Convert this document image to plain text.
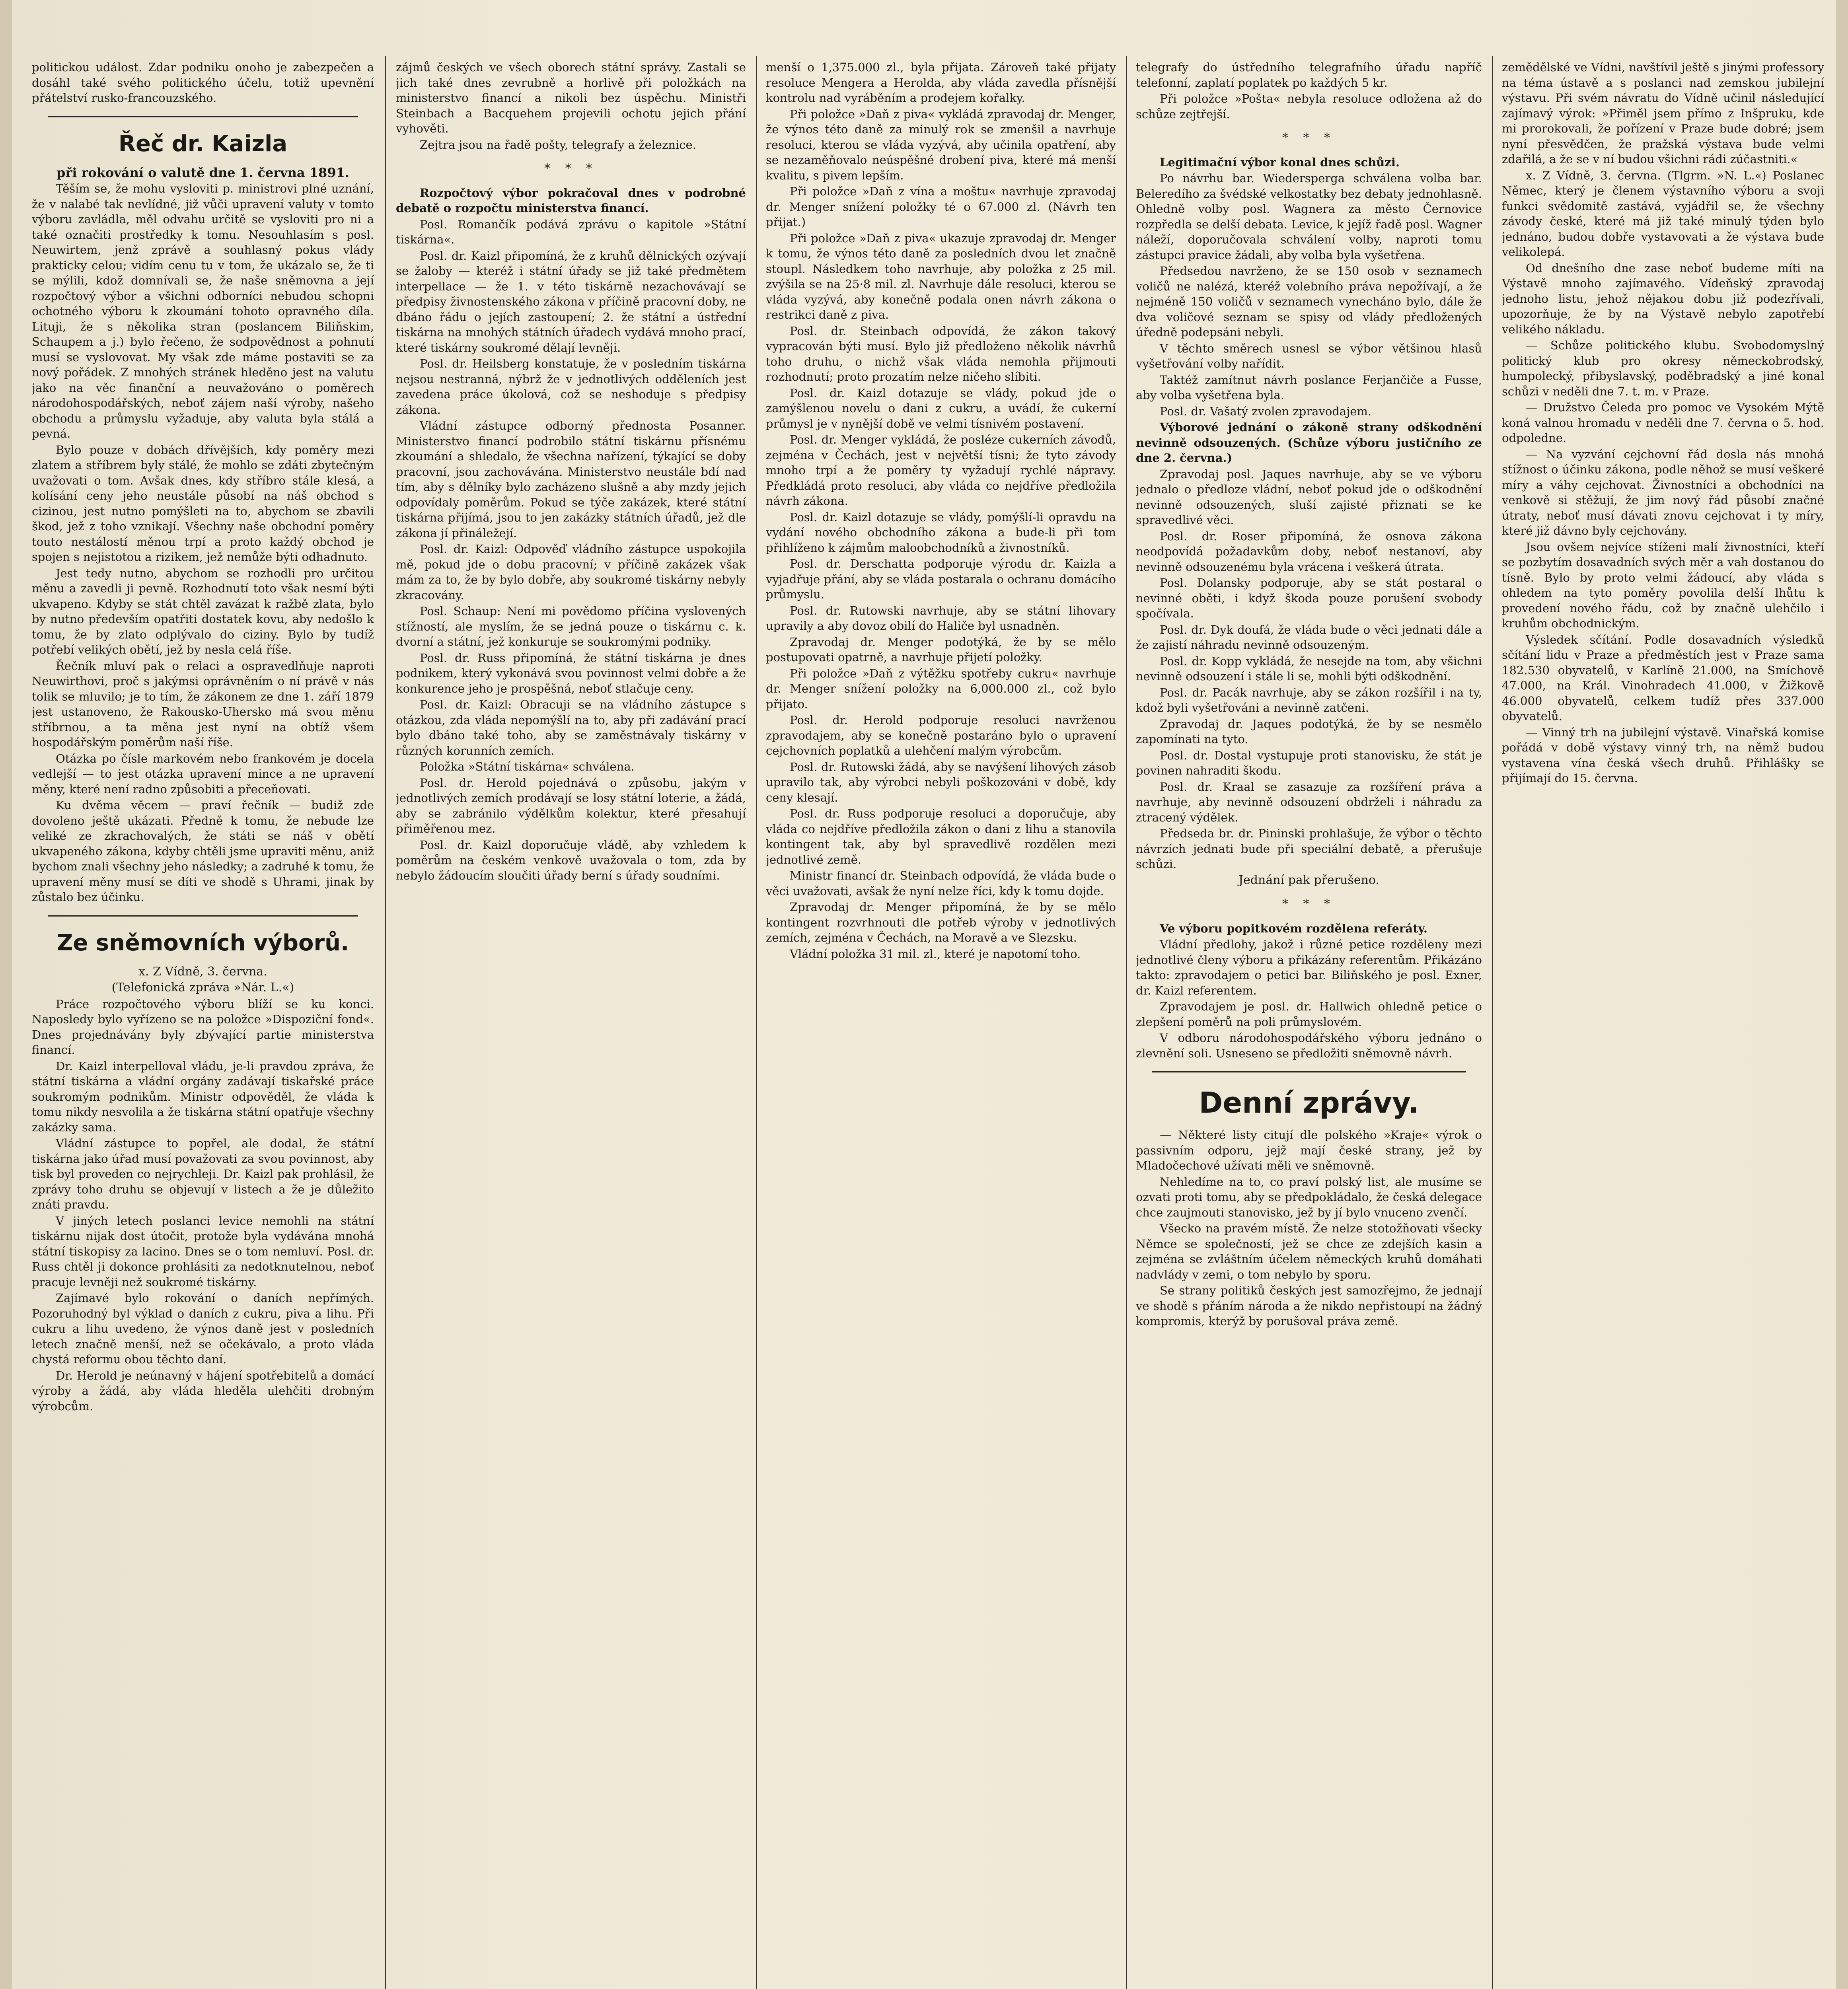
politickou událost. Zdar podniku onoho je zabezpečen a dosáhl také svého politického účelu, totiž upevnění přátelství rusko-francouzského.

Řeč dr. Kaizla

při rokování o valutě dne 1. června 1891.

Těším se, že mohu vysloviti p. ministrovi plné uznání, že v nalabé tak nevlídné, již vůči upravení valuty v tomto výboru zavládla, měl odvahu určitě se vysloviti pro ni a také označiti prostředky k tomu. Nesouhlasím s posl. Neuwirtem, jenž zprávě a souhlasný pokus vlády prakticky celou; vidím cenu tu v tom, že ukázalo se, že ti se mýlili, kdož domnívali se, že naše sněmovna a její rozpočtový výbor a všichni odborníci nebudou schopni ochotného výboru k zkoumání tohoto opravného díla. Lituji, že s několika stran (poslancem Biliňskim, Schaupem a j.) bylo řečeno, že sodpovědnost a pohnutí musí se vyslovovat. My však zde máme postaviti se za nový pořádek. Z mnohých stránek hleděno jest na valutu jako na věc finanční a neuvažováno o poměrech národohospodářských, neboť zájem naší výroby, našeho obchodu a průmyslu vyžaduje, aby valuta byla stálá a pevná.

Bylo pouze v dobách dřívějších, kdy poměry mezi zlatem a stříbrem byly stálé, že mohlo se zdáti zbytečným uvažovati o tom. Avšak dnes, kdy stříbro stále klesá, a kolísání ceny jeho neustále působí na náš obchod s cizinou, jest nutno pomýšleti na to, abychom se zbavili škod, jež z toho vznikají. Všechny naše obchodní poměry touto nestálostí měnou trpí a proto každý obchod je spojen s nejistotou a rizikem, jež nemůže býti odhadnuto.

Jest tedy nutno, abychom se rozhodli pro určitou měnu a zavedli ji pevně. Rozhodnutí toto však nesmí býti ukvapeno. Kdyby se stát chtěl zavázat k ražbě zlata, bylo by nutno především opatřiti dostatek kovu, aby nedošlo k tomu, že by zlato odplývalo do ciziny. Bylo by tudíž potřebí velikých obětí, jež by nesla celá říše.

Řečník mluví pak o relaci a ospravedlňuje naproti Neuwirthovi, proč s jakýmsi oprávněním o ní právě v nás tolik se mluvilo; je to tím, že zákonem ze dne 1. září 1879 jest ustanoveno, že Rakousko-Uhersko má svou měnu stříbrnou, a ta měna jest nyní na obtíž všem hospodářským poměrům naší říše.

Otázka po čísle markovém nebo frankovém je docela vedlejší — to jest otázka upravení mince a ne upravení měny, které není radno způsobiti a přeceňovati.

Ku dvěma věcem — praví řečník — budiž zde dovoleno ještě ukázati. Předně k tomu, že nebude lze veliké ze zkrachovalých, že státi se náš v obětí ukvapeného zákona, kdyby chtěli jsme upraviti měnu, aniž bychom znali všechny jeho následky; a zadruhé k tomu, že upravení měny musí se díti ve shodě s Uhrami, jinak by zůstalo bez účinku.

Ze sněmovních výborů.

x. Z Vídně, 3. června.

(Telefonická zpráva »Nár. L.«)

Práce rozpočtového výboru blíží se ku konci. Naposledy bylo vyřízeno se na položce »Dispoziční fond«. Dnes projednávány byly zbývající partie ministerstva financí.

Dr. Kaizl interpelloval vládu, je-li pravdou zpráva, že státní tiskárna a vládní orgány zadávají tiskařské práce soukromým podnikům. Ministr odpověděl, že vláda k tomu nikdy nesvolila a že tiskárna státní opatřuje všechny zakázky sama.

Vládní zástupce to popřel, ale dodal, že státní tiskárna jako úřad musí považovati za svou povinnost, aby tisk byl proveden co nejrychleji. Dr. Kaizl pak prohlásil, že zprávy toho druhu se objevují v listech a že je důležito znáti pravdu.

V jiných letech poslanci levice nemohli na státní tiskárnu nijak dost útočit, protože byla vydávána mnohá státní tiskopisy za lacino. Dnes se o tom nemluví. Posl. dr. Russ chtěl ji dokonce prohlásiti za nedotknutelnou, neboť pracuje levněji než soukromé tiskárny.

Zajímavé bylo rokování o daních nepřímých. Pozoruhodný byl výklad o daních z cukru, piva a lihu. Při cukru a lihu uvedeno, že výnos daně jest v posledních letech značně menší, než se očekávalo, a proto vláda chystá reformu obou těchto daní.

Dr. Herold je neúnavný v hájení spotřebitelů a domácí výroby a žádá, aby vláda hleděla ulehčiti drobným výrobcům.

zájmů českých ve všech oborech státní správy. Zastali se jich také dnes zevrubně a horlivě při položkách na ministerstvo financí a nikoli bez úspěchu. Ministři Steinbach a Bacquehem projevili ochotu jejich přání vyhověti.

Zejtra jsou na řadě pošty, telegrafy a železnice.

* * *

Rozpočtový výbor pokračoval dnes v podrobné debatě o rozpočtu ministerstva financí.

Posl. Romančík podává zprávu o kapitole »Státní tiskárna«.

Posl. dr. Kaizl připomíná, že z kruhů dělnických ozývají se žaloby — kteréž i státní úřady se již také předmětem interpellace — že 1. v této tiskárně nezachovávají se předpisy živnostenského zákona v příčině pracovní doby, ne dbáno řádu o jejích zastoupení; 2. že státní a ústřední tiskárna na mnohých státních úřadech vydává mnoho prací, které tiskárny soukromé dělají levněji.

Posl. dr. Heilsberg konstatuje, že v posledním tiskárna nejsou nestranná, nýbrž že v jednotlivých odděleních jest zavedena práce úkolová, což se neshoduje s předpisy zákona.

Vládní zástupce odborný přednosta Posanner. Ministerstvo financí podrobilo státní tiskárnu přísnému zkoumání a shledalo, že všechna nařízení, týkající se doby pracovní, jsou zachovávána. Ministerstvo neustále bdí nad tím, aby s dělníky bylo zacházeno slušně a aby mzdy jejich odpovídaly poměrům. Pokud se týče zakázek, které státní tiskárna přijímá, jsou to jen zakázky státních úřadů, jež dle zákona jí přináležejí.

Posl. dr. Kaizl: Odpověď vládního zástupce uspokojila mě, pokud jde o dobu pracovní; v příčině zakázek však mám za to, že by bylo dobře, aby soukromé tiskárny nebyly zkracovány.

Posl. Schaup: Není mi povědomo příčina vyslovených stížností, ale myslím, že se jedná pouze o tiskárnu c. k. dvorní a státní, jež konkuruje se soukromými podniky.

Posl. dr. Russ připomíná, že státní tiskárna je dnes podnikem, který vykonává svou povinnost velmi dobře a že konkurence jeho je prospěšná, neboť stlačuje ceny.

Posl. dr. Kaizl: Obracuji se na vládního zástupce s otázkou, zda vláda nepomýšlí na to, aby při zadávání prací bylo dbáno také toho, aby se zaměstnávaly tiskárny v různých korunních zemích.

Položka »Státní tiskárna« schválena.

Posl. dr. Herold pojednává o způsobu, jakým v jednotlivých zemích prodávají se losy státní loterie, a žádá, aby se zabránilo výdělkům kolektur, které přesahují přiměřenou mez.

Posl. dr. Kaizl doporučuje vládě, aby vzhledem k poměrům na českém venkově uvažovala o tom, zda by nebylo žádoucím sloučiti úřady berní s úřady soudními.

menší o 1,375.000 zl., byla přijata. Zároveň také přijaty resoluce Mengera a Herolda, aby vláda zavedla přísnější kontrolu nad vyráběním a prodejem kořalky.

Při položce »Daň z piva« vykládá zpravodaj dr. Menger, že výnos této daně za minulý rok se zmenšil a navrhuje resoluci, kterou se vláda vyzývá, aby učinila opatření, aby se nezaměňovalo neúspěšné drobení piva, které má menší kvalitu, s pivem lepším.

Při položce »Daň z vína a moštu« navrhuje zpravodaj dr. Menger snížení položky té o 67.000 zl. (Návrh ten přijat.)

Při položce »Daň z piva« ukazuje zpravodaj dr. Menger k tomu, že výnos této daně za posledních dvou let značně stoupl. Následkem toho navrhuje, aby položka z 25 mil. zvýšila se na 25·8 mil. zl. Navrhuje dále resoluci, kterou se vláda vyzývá, aby konečně podala onen návrh zákona o restrikci daně z piva.

Posl. dr. Steinbach odpovídá, že zákon takový vypracován býti musí. Bylo již předloženo několik návrhů toho druhu, o nichž však vláda nemohla přijmouti rozhodnutí; proto prozatím nelze ničeho slíbiti.

Posl. dr. Kaizl dotazuje se vlády, pokud jde o zamýšlenou novelu o dani z cukru, a uvádí, že cukerní průmysl je v nynější době ve velmi tísnivém postavení.

Posl. dr. Menger vykládá, že posléze cukerních závodů, zejména v Čechách, jest v největší tísni; že tyto závody mnoho trpí a že poměry ty vyžadují rychlé nápravy. Předkládá proto resoluci, aby vláda co nejdříve předložila návrh zákona.

Posl. dr. Kaizl dotazuje se vlády, pomýšlí-li opravdu na vydání nového obchodního zákona a bude-li při tom přihlíženo k zájmům maloobchodníků a živnostníků.

Posl. dr. Derschatta podporuje výrodu dr. Kaizla a vyjadřuje přání, aby se vláda postarala o ochranu domácího průmyslu.

Posl. dr. Rutowski navrhuje, aby se státní lihovary upravily a aby dovoz obilí do Haliče byl usnadněn.

Zpravodaj dr. Menger podotýká, že by se mělo postupovati opatrně, a navrhuje přijetí položky.

Při položce »Daň z výtěžku spotřeby cukru« navrhuje dr. Menger snížení položky na 6,000.000 zl., což bylo přijato.

Posl. dr. Herold podporuje resoluci navrženou zpravodajem, aby se konečně postaráno bylo o upravení cejchovních poplatků a ulehčení malým výrobcům.

Posl. dr. Rutowski žádá, aby se navýšení lihových zásob upravilo tak, aby výrobci nebyli poškozováni v době, kdy ceny klesají.

Posl. dr. Russ podporuje resoluci a doporučuje, aby vláda co nejdříve předložila zákon o dani z lihu a stanovila kontingent tak, aby byl spravedlivě rozdělen mezi jednotlivé země.

Ministr financí dr. Steinbach odpovídá, že vláda bude o věci uvažovati, avšak že nyní nelze říci, kdy k tomu dojde.

Zpravodaj dr. Menger připomíná, že by se mělo kontingent rozvrhnouti dle potřeb výroby v jednotlivých zemích, zejména v Čechách, na Moravě a ve Slezsku.

Vládní položka 31 mil. zl., které je napotomí toho.

telegrafy do ústředního telegrafního úřadu napříč telefonní, zaplatí poplatek po každých 5 kr.

Při položce »Pošta« nebyla resoluce odložena až do schůze zejtřejší.

* * *

Legitimační výbor konal dnes schůzi.

Po návrhu bar. Wiedersperga schválena volba bar. Beleredího za švédské velkostatky bez debaty jednohlasně. Ohledně volby posl. Wagnera za město Černovice rozpředla se delší debata. Levice, k jejíž řadě posl. Wagner náleží, doporučovala schválení volby, naproti tomu zástupci pravice žádali, aby volba byla vyšetřena.

Předsedou navrženo, že se 150 osob v seznamech voličů ne nalézá, kteréž volebního práva nepožívají, a že nejméně 150 voličů v seznamech vynecháno bylo, dále že dva voličové seznam se spisy od vlády předložených úředně podepsáni nebyli.

V těchto směrech usnesl se výbor většinou hlasů vyšetřování volby nařídit.

Taktéž zamítnut návrh poslance Ferjančiče a Fusse, aby volba vyšetřena byla.

Posl. dr. Vašatý zvolen zpravodajem.

Výborové jednání o zákoně strany odškodnění nevinně odsouzených. (Schůze výboru justičního ze dne 2. června.)

Zpravodaj posl. Jaques navrhuje, aby se ve výboru jednalo o předloze vládní, neboť pokud jde o odškodnění nevinně odsouzených, sluší zajisté přiznati se ke spravedlivé věci.

Posl. dr. Roser připomíná, že osnova zákona neodpovídá požadavkům doby, neboť nestanoví, aby nevinně odsouzenému byla vrácena i veškerá útrata.

Posl. Dolansky podporuje, aby se stát postaral o nevinné oběti, i když škoda pouze porušení svobody spočívala.

Posl. dr. Dyk doufá, že vláda bude o věci jednati dále a že zajistí náhradu nevinně odsouzeným.

Posl. dr. Kopp vykládá, že nesejde na tom, aby všichni nevinně odsouzení i stále li se, mohli býti odškodnění.

Posl. dr. Pacák navrhuje, aby se zákon rozšířil i na ty, kdož byli vyšetřováni a nevinně zatčeni.

Zpravodaj dr. Jaques podotýká, že by se nesmělo zapomínati na tyto.

Posl. dr. Dostal vystupuje proti stanovisku, že stát je povinen nahraditi škodu.

Posl. dr. Kraal se zasazuje za rozšíření práva a navrhuje, aby nevinně odsouzení obdrželi i náhradu za ztracený výdělek.

Předseda br. dr. Pininski prohlašuje, že výbor o těchto návrzích jednati bude při speciální debatě, a přerušuje schůzi.

Jednání pak přerušeno.

* * *

Ve výboru popitkovém rozdělena referáty.

Vládní předlohy, jakož i různé petice rozděleny mezi jednotlivé členy výboru a přikázány referentům. Přikázáno takto: zpravodajem o petici bar. Biliňského je posl. Exner, dr. Kaizl referentem.

Zpravodajem je posl. dr. Hallwich ohledně petice o zlepšení poměrů na poli průmyslovém.

V odboru národohospodářského výboru jednáno o zlevnění soli. Usneseno se předložiti sněmovně návrh.

Denní zprávy.

— Některé listy citují dle polského »Kraje« výrok o passivním odporu, jejž mají české strany, jež by Mladočechové užívati měli ve sněmovně.

Nehledíme na to, co praví polský list, ale musíme se ozvati proti tomu, aby se předpokládalo, že česká delegace chce zaujmouti stanovisko, jež by jí bylo vnuceno zvenčí.

Všecko na pravém místě. Že nelze stotožňovati všecky Němce se společností, jež se chce ze zdejších kasin a zejména se zvláštním účelem německých kruhů domáhati nadvlády v zemi, o tom nebylo by sporu.

Se strany politiků českých jest samozřejmo, že jednají ve shodě s přáním národa a že nikdo nepřistoupí na žádný kompromis, kterýž by porušoval práva země.

zemědělské ve Vídni, navštívil ještě s jinými professory na téma ústavě a s poslanci nad zemskou jubilejní výstavu. Při svém návratu do Vídně učinil následující zajímavý výrok: »Přiměl jsem přímo z Inšpruku, kde mi prorokovali, že pořízení v Praze bude dobré; jsem nyní přesvědčen, že pražská výstava bude velmi zdařilá, a že se v ní budou všichni rádi zúčastniti.«

x. Z Vídně, 3. června. (Tlgrm. »N. L.«) Poslanec Němec, který je členem výstavního výboru a svoji funkci svědomitě zastává, vyjádřil se, že všechny závody české, které má již také minulý týden bylo jednáno, budou dobře vystavovati a že výstava bude velikolepá.

Od dnešního dne zase neboť budeme míti na Výstavě mnoho zajímavého. Vídeňský zpravodaj jednoho listu, jehož nějakou dobu již podezřívali, upozorňuje, že by na Výstavě nebylo zapotřebí velikého nákladu.

— Schůze politického klubu. Svobodomyslný politický klub pro okresy německobrodský, humpolecký, přibyslavský, poděbradský a jiné konal schůzi v neděli dne 7. t. m. v Praze.

— Družstvo Čeleda pro pomoc ve Vysokém Mýtě koná valnou hromadu v neděli dne 7. června o 5. hod. odpoledne.

— Na vyzvání cejchovní řád dosla nás mnohá stížnost o účinku zákona, podle něhož se musí veškeré míry a váhy cejchovat. Živnostníci a obchodníci na venkově si stěžují, že jim nový řád působí značné útraty, neboť musí dávati znovu cejchovat i ty míry, které již dávno byly cejchovány.

Jsou ovšem nejvíce stíženi malí živnostníci, kteří se pozbytím dosavadních svých měr a vah dostanou do tísně. Bylo by proto velmi žádoucí, aby vláda s ohledem na tyto poměry povolila delší lhůtu k provedení nového řádu, což by značně ulehčilo i kruhům obchodnickým.

Výsledek sčítání. Podle dosavadních výsledků sčítání lidu v Praze a předměstích jest v Praze sama 182.530 obyvatelů, v Karlíně 21.000, na Smíchově 47.000, na Král. Vinohradech 41.000, v Žižkově 46.000 obyvatelů, celkem tudíž přes 337.000 obyvatelů.

— Vinný trh na jubilejní výstavě. Vinařská komise pořádá v době výstavy vinný trh, na němž budou vystavena vína česká všech druhů. Přihlášky se přijímají do 15. června.
